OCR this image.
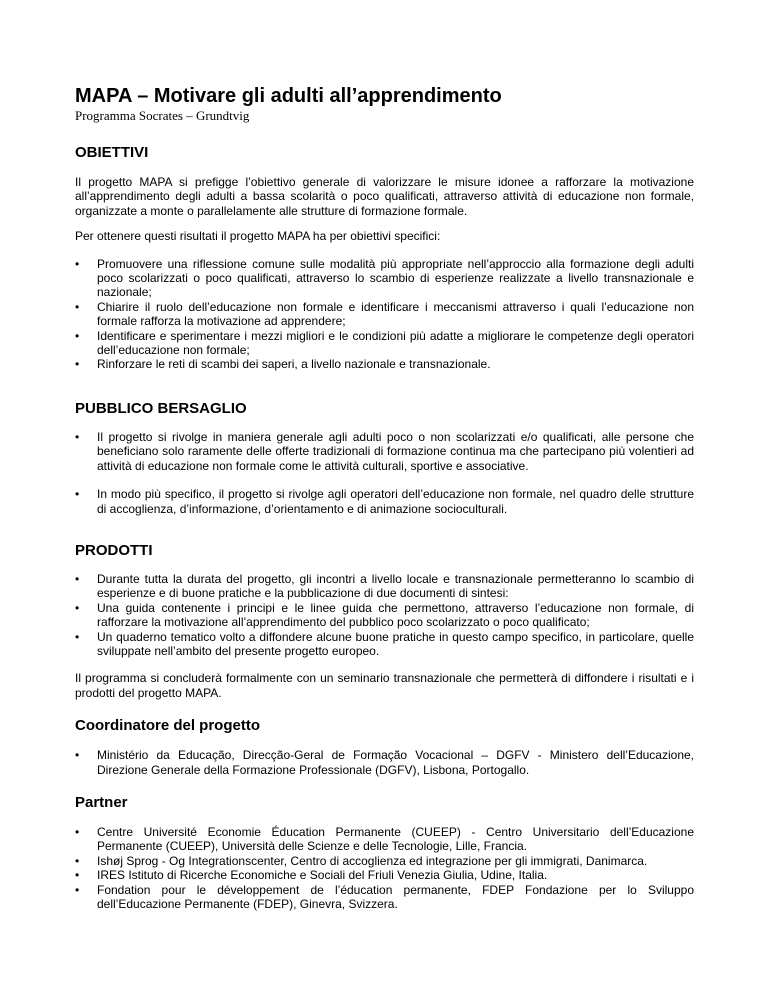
MAPA – Motivare gli adulti all’apprendimento

Programma Socrates – Grundtvig

OBIETTIVI

Il progetto MAPA si prefigge l’obiettivo generale di valorizzare le misure idonee a rafforzare la motivazione all’apprendimento degli adulti a bassa scolarità o poco qualificati, attraverso attività di educazione non formale, organizzate a monte o parallelamente alle strutture di formazione formale.

Per ottenere questi risultati il progetto MAPA ha per obiettivi specifici:

• Promuovere una riflessione comune sulle modalità più appropriate nell’approccio alla formazione degli adulti poco scolarizzati o poco qualificati, attraverso lo scambio di esperienze realizzate a livello transnazionale e nazionale;
• Chiarire il ruolo dell’educazione non formale e identificare i meccanismi attraverso i quali l’educazione non formale rafforza la motivazione ad apprendere;
• Identificare e sperimentare i mezzi migliori e le condizioni più adatte a migliorare le competenze degli operatori dell’educazione non formale;
• Rinforzare le reti di scambi dei saperi, a livello nazionale e transnazionale.
PUBBLICO BERSAGLIO
• Il progetto si rivolge in maniera generale agli adulti poco o non scolarizzati e/o qualificati, alle persone che beneficiano solo raramente delle offerte tradizionali di formazione continua ma che partecipano più volentieri ad attività di educazione non formale come le attività culturali, sportive e associative.
• In modo più specifico, il progetto si rivolge agli operatori dell’educazione non formale, nel quadro delle strutture di accoglienza, d’informazione, d’orientamento e di animazione socioculturali.
PRODOTTI
• Durante tutta la durata del progetto, gli incontri a livello locale e transnazionale permetteranno lo scambio di esperienze e di buone pratiche e la pubblicazione di due documenti di sintesi:
• Una guida contenente i principi e le linee guida che permettono, attraverso l’educazione non formale, di rafforzare la motivazione all’apprendimento del pubblico poco scolarizzato o poco qualificato;
• Un quaderno tematico volto a diffondere alcune buone pratiche in questo campo specifico, in particolare, quelle sviluppate nell’ambito del presente progetto europeo.

Il programma si concluderà formalmente con un seminario transnazionale che permetterà di diffondere i risultati e i prodotti del progetto MAPA.

Coordinatore del progetto
• Ministério da Educação, Direcção-Geral de Formação Vocacional – DGFV - Ministero dell’Educazione, Direzione Generale della Formazione Professionale (DGFV), Lisbona, Portogallo.
Partner
• Centre Université Economie Éducation Permanente (CUEEP) - Centro Universitario dell’Educazione Permanente (CUEEP), Università delle Scienze e delle Tecnologie, Lille, Francia.
• Ishøj Sprog - Og Integrationscenter, Centro di accoglienza ed integrazione per gli immigrati, Danimarca.
• IRES Istituto di Ricerche Economiche e Sociali del Friuli Venezia Giulia, Udine, Italia.
• Fondation pour le développement de l’éducation permanente, FDEP Fondazione per lo Sviluppo dell’Educazione Permanente (FDEP), Ginevra, Svizzera.
